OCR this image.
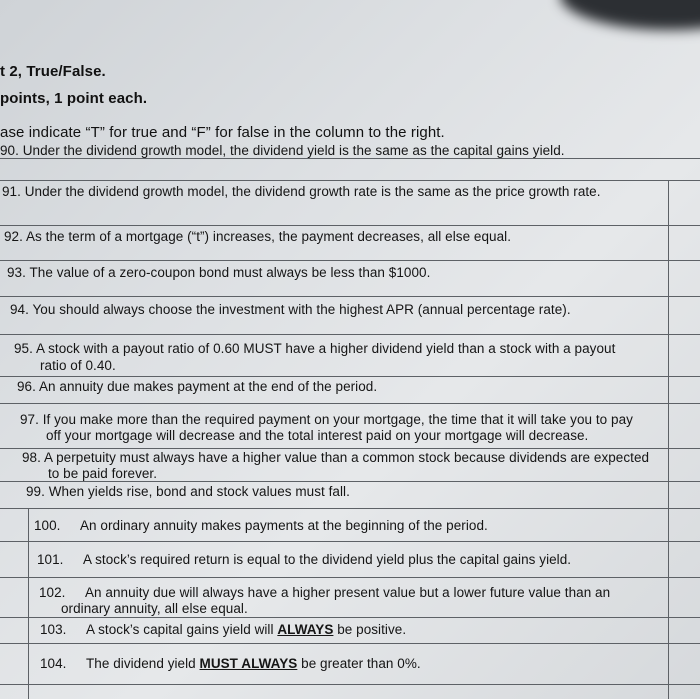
t 2, True/False.
points, 1 point each.
ase indicate “T” for true and “F” for false in the column to the right.
90. Under the dividend growth model, the dividend yield is the same as the capital gains yield.
91. Under the dividend growth model, the dividend growth rate is the same as the price growth rate.
92. As the term of a mortgage (“t”) increases, the payment decreases, all else equal.
93. The value of a zero-coupon bond must always be less than $1000.
94. You should always choose the investment with the highest APR (annual percentage rate).
95. A stock with a payout ratio of 0.60 MUST have a higher dividend yield than a stock with a payout
ratio of 0.40.
96. An annuity due makes payment at the end of the period.
97. If you make more than the required payment on your mortgage, the time that it will take you to pay
off your mortgage will decrease and the total interest paid on your mortgage will decrease.
98. A perpetuity must always have a higher value than a common stock because dividends are expected
to be paid forever.
99. When yields rise, bond and stock values must fall.
100. An ordinary annuity makes payments at the beginning of the period.
101. A stock’s required return is equal to the dividend yield plus the capital gains yield.
102. An annuity due will always have a higher present value but a lower future value than an
ordinary annuity, all else equal.
103. A stock’s capital gains yield will ALWAYS be positive.
104. The dividend yield MUST ALWAYS be greater than 0%.
